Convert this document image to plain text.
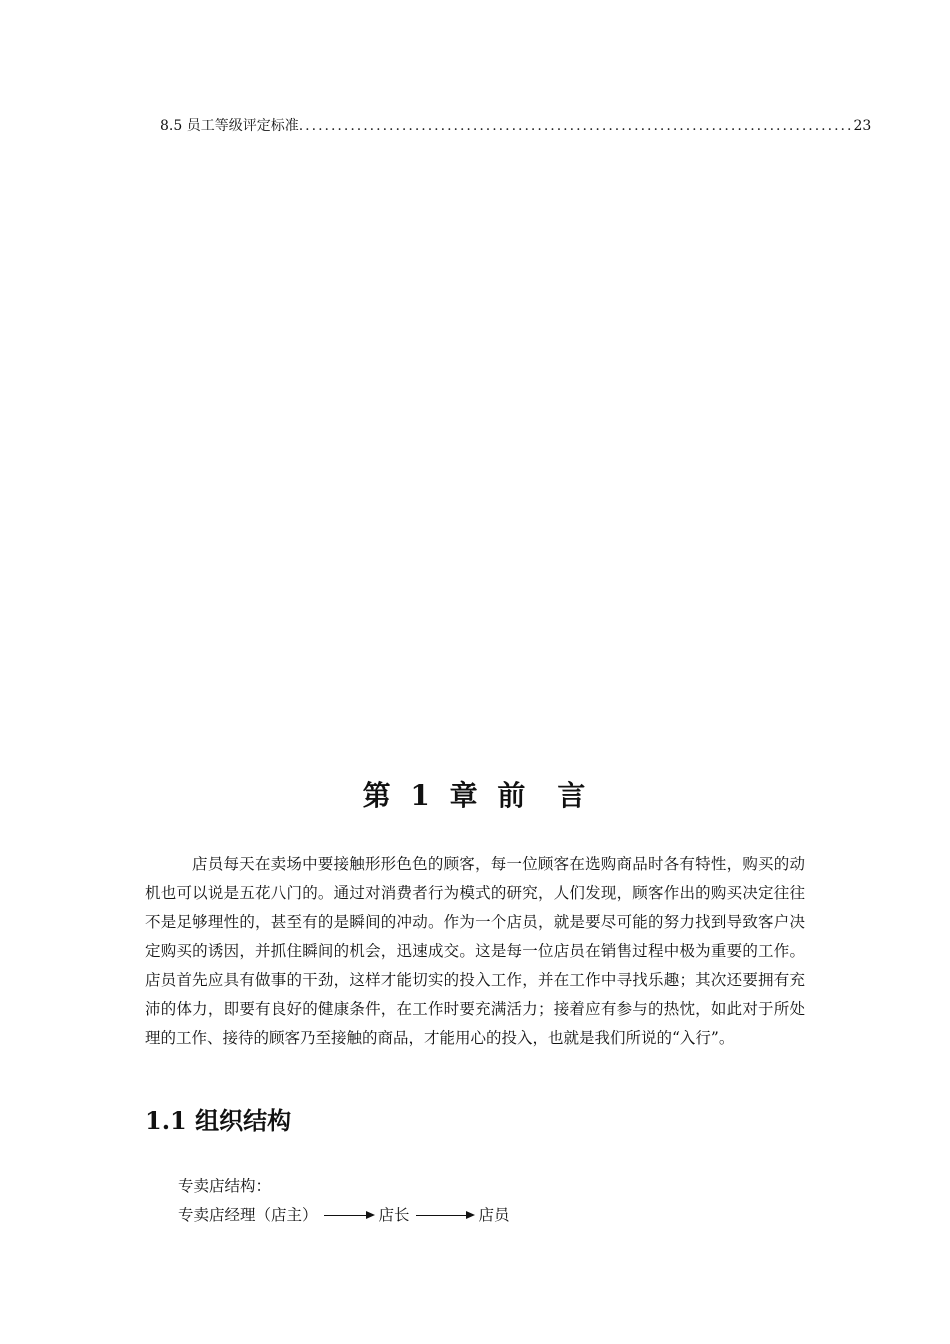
8.5 员工等级评定标准 ...................................................................................... 23
第 1 章 前　言

店员每天在卖场中要接触形形色色的顾客，每一位顾客在选购商品时各有特性，购买的动机也可以说是五花八门的。通过对消费者行为模式的研究，人们发现，顾客作出的购买决定往往不是足够理性的，甚至有的是瞬间的冲动。作为一个店员，就是要尽可能的努力找到导致客户决定购买的诱因，并抓住瞬间的机会，迅速成交。这是每一位店员在销售过程中极为重要的工作。店员首先应具有做事的干劲，这样才能切实的投入工作，并在工作中寻找乐趣；其次还要拥有充沛的体力，即要有良好的健康条件，在工作时要充满活力；接着应有参与的热忱，如此对于所处理的工作、接待的顾客乃至接触的商品，才能用心的投入，也就是我们所说的“入行”。

1.1 组织结构
专卖店结构：
专卖店经理（店主）	店长	店员
